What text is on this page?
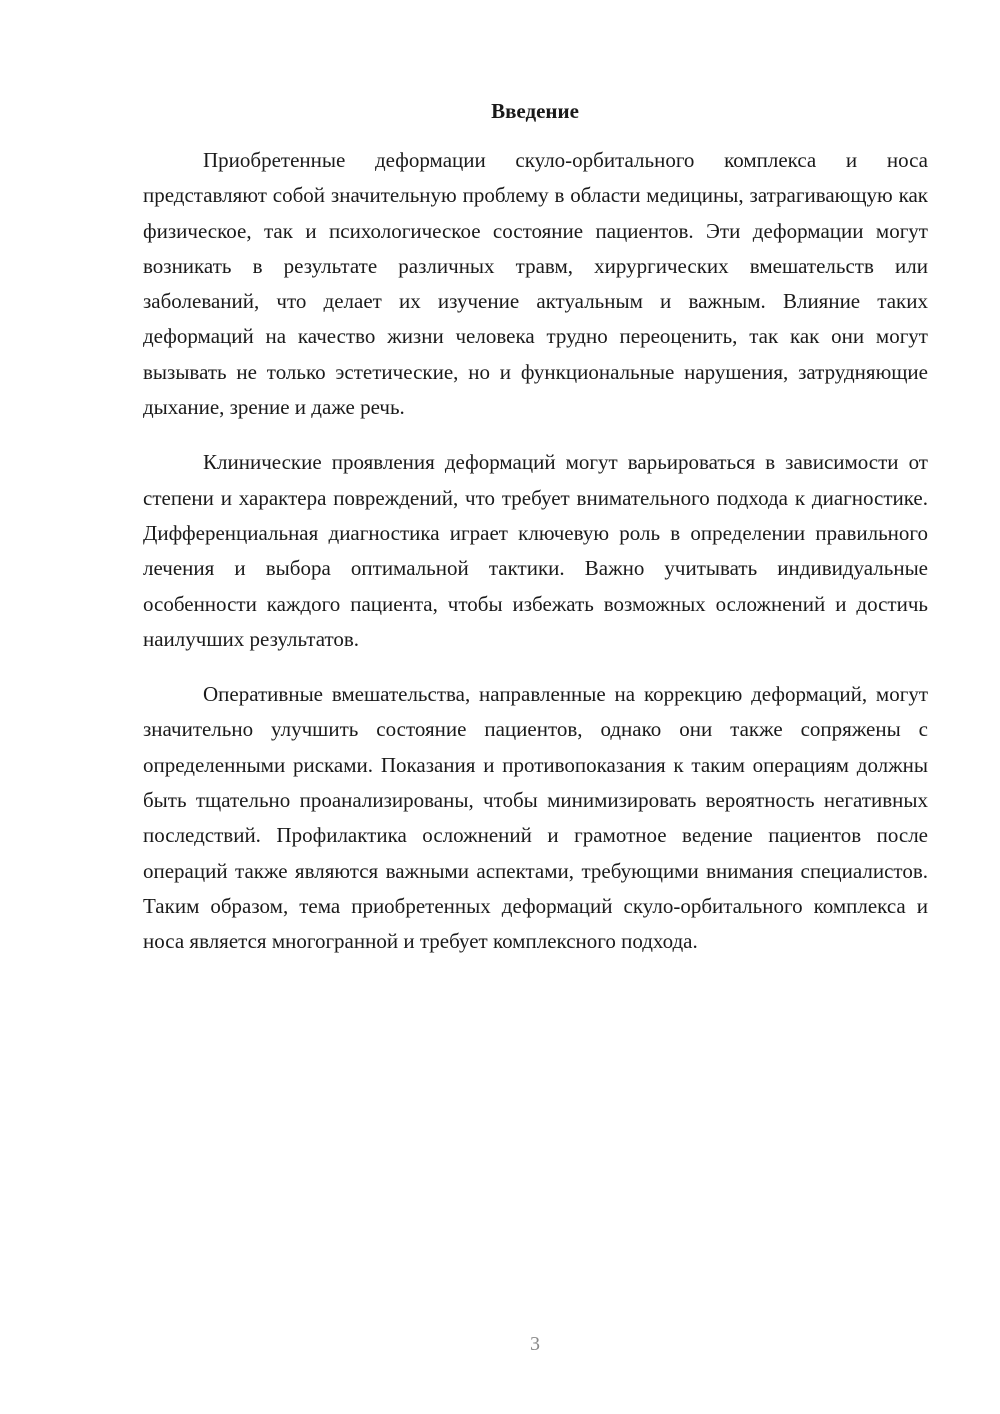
Введение

Приобретенные деформации скуло-орбитального комплекса и носа представляют собой значительную проблему в области медицины, затрагивающую как физическое, так и психологическое состояние пациентов. Эти деформации могут возникать в результате различных травм, хирургических вмешательств или заболеваний, что делает их изучение актуальным и важным. Влияние таких деформаций на качество жизни человека трудно переоценить, так как они могут вызывать не только эстетические, но и функциональные нарушения, затрудняющие дыхание, зрение и даже речь.

Клинические проявления деформаций могут варьироваться в зависимости от степени и характера повреждений, что требует внимательного подхода к диагностике. Дифференциальная диагностика играет ключевую роль в определении правильного лечения и выбора оптимальной тактики. Важно учитывать индивидуальные особенности каждого пациента, чтобы избежать возможных осложнений и достичь наилучших результатов.

Оперативные вмешательства, направленные на коррекцию деформаций, могут значительно улучшить состояние пациентов, однако они также сопряжены с определенными рисками. Показания и противопоказания к таким операциям должны быть тщательно проанализированы, чтобы минимизировать вероятность негативных последствий. Профилактика осложнений и грамотное ведение пациентов после операций также являются важными аспектами, требующими внимания специалистов. Таким образом, тема приобретенных деформаций скуло-орбитального комплекса и носа является многогранной и требует комплексного подхода.

3
